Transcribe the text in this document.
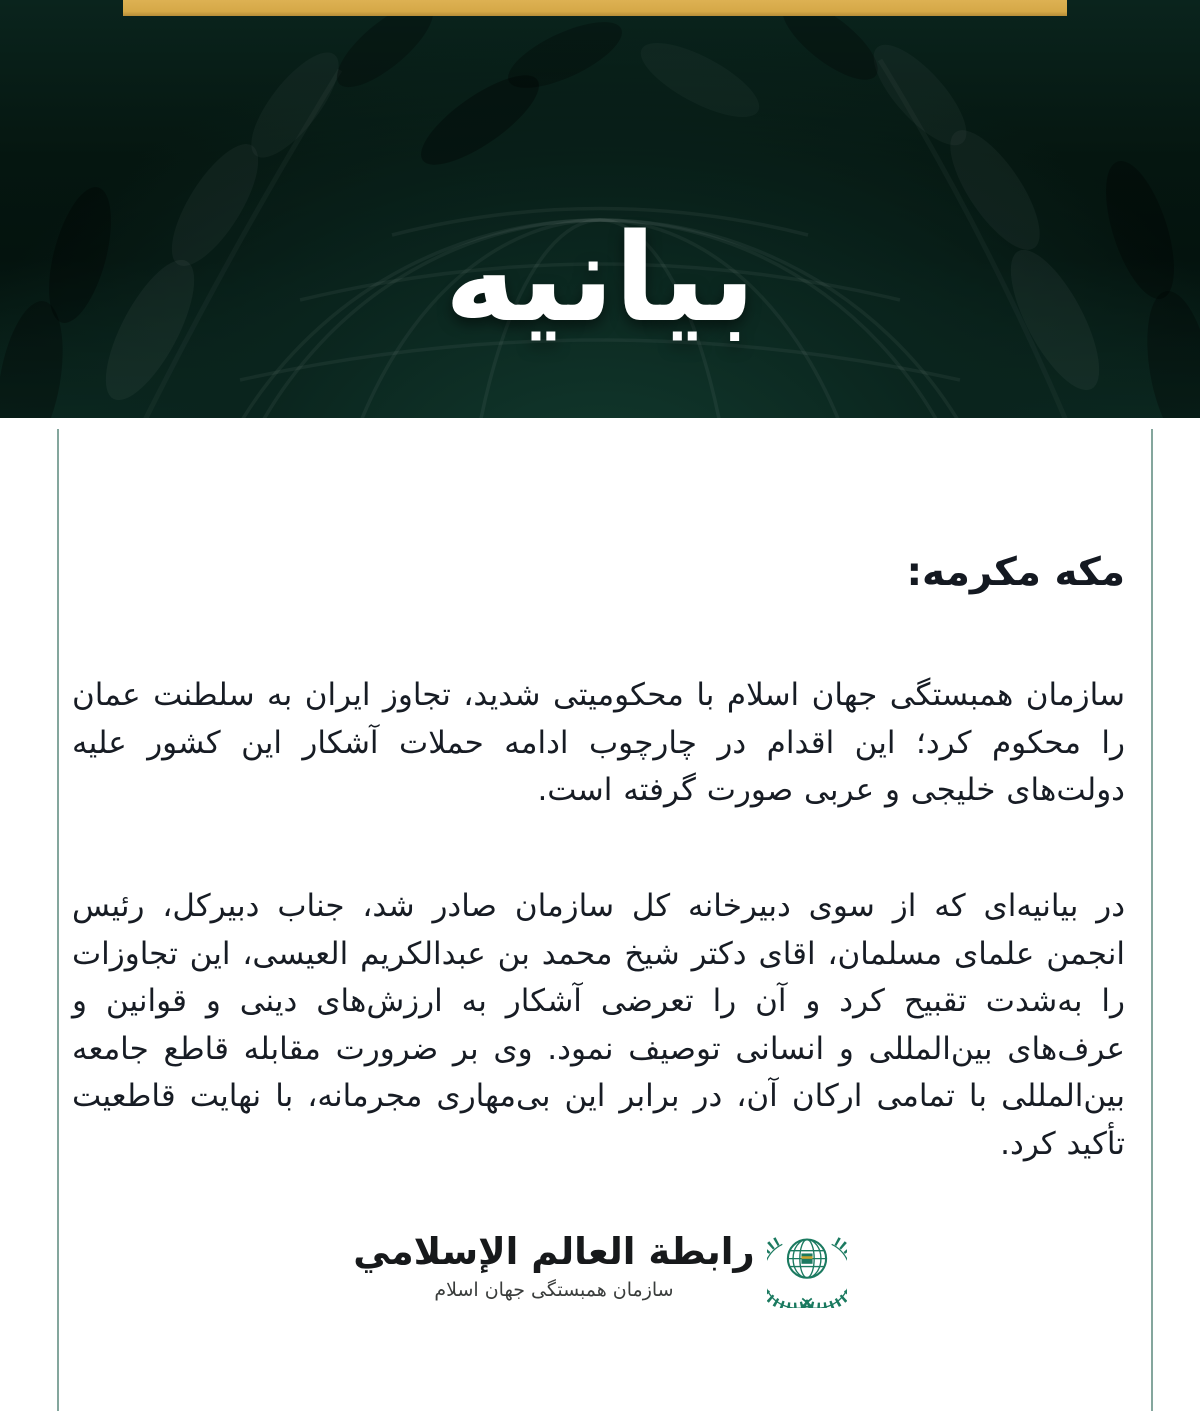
بیانیه
مکه مکرمه:

سازمان همبستگی جهان اسلام با محکومیتی شدید، تجاوز ایران به سلطنت عمان را محکوم کرد؛ این اقدام در چارچوب ادامه حملات آشکار این کشور علیه دولت‌های خلیجی و عربی صورت گرفته است.

در بیانیه‌ای که از سوی دبیرخانه کل سازمان صادر شد، جناب دبیرکل، رئیس انجمن علمای مسلمان، اقای دکتر شیخ محمد بن عبدالکریم العیسی، این تجاوزات را به‌شدت تقبیح کرد و آن را تعرضی آشکار به ارزش‌های دینی و قوانین و عرف‌های بین‌المللی و انسانی توصیف نمود. وی بر ضرورت مقابله قاطع جامعه بین‌المللی با تمامی ارکان آن، در برابر این بی‌مهاری مجرمانه، با نهایت قاطعیت تأکید کرد.

رابطة العالم الإسلامي
سازمان همبستگی جهان اسلام
